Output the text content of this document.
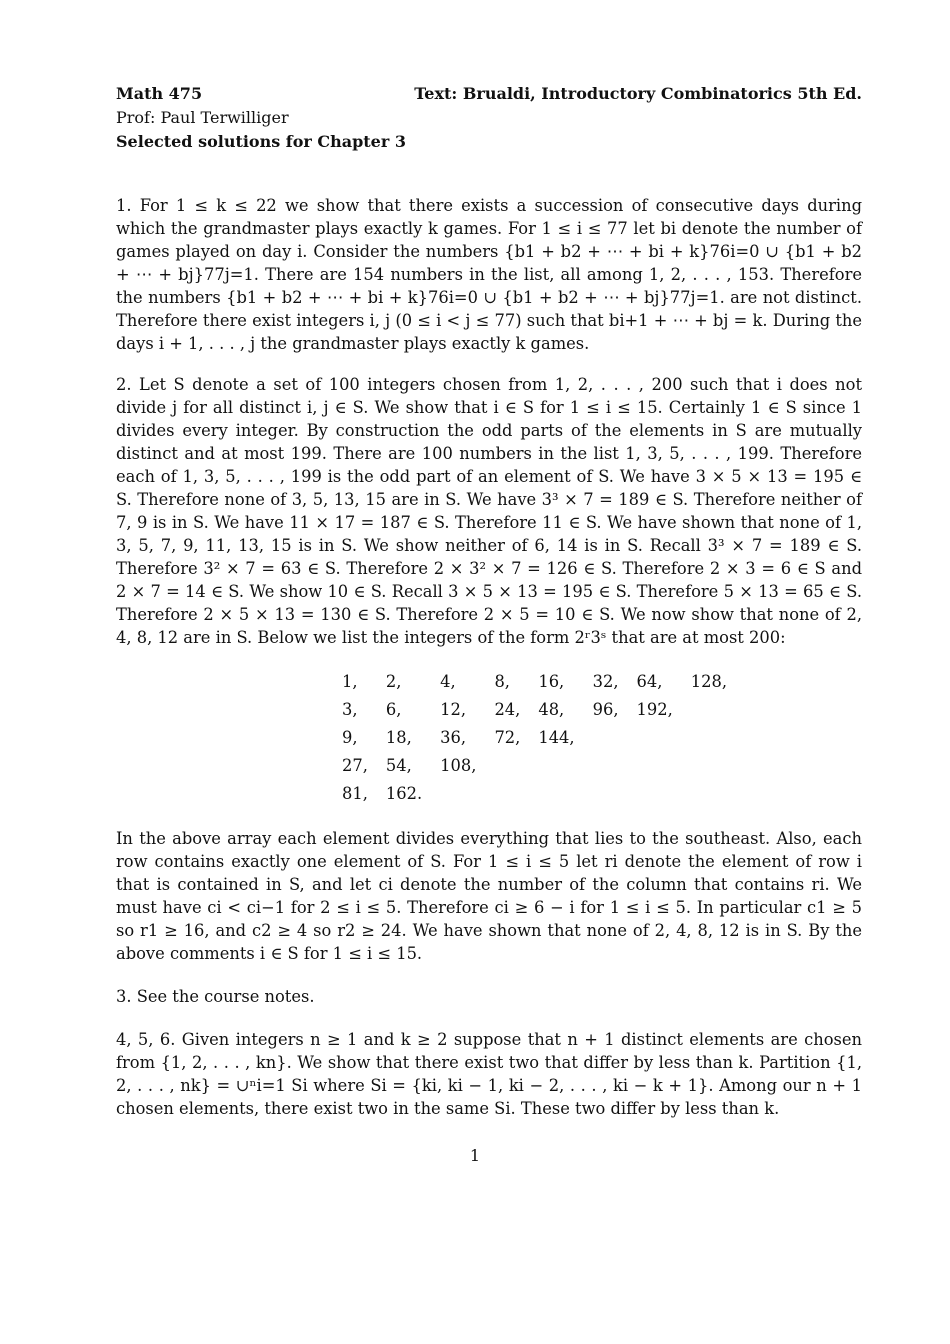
Math 475	Text: Brualdi, Introductory Combinatorics 5th Ed.
Prof: Paul Terwilliger
Selected solutions for Chapter 3

1. For 1 ≤ k ≤ 22 we show that there exists a succession of consecutive days during which the grandmaster plays exactly k games. For 1 ≤ i ≤ 77 let bi denote the number of games played on day i. Consider the numbers {b1 + b2 + ⋯ + bi + k}76i=0 ∪ {b1 + b2 + ⋯ + bj}77j=1. There are 154 numbers in the list, all among 1, 2, . . . , 153. Therefore the numbers {b1 + b2 + ⋯ + bi + k}76i=0 ∪ {b1 + b2 + ⋯ + bj}77j=1. are not distinct. Therefore there exist integers i, j (0 ≤ i < j ≤ 77) such that bi+1 + ⋯ + bj = k. During the days i + 1, . . . , j the grandmaster plays exactly k games.

2. Let S denote a set of 100 integers chosen from 1, 2, . . . , 200 such that i does not divide j for all distinct i, j ∈ S. We show that i ∈ S for 1 ≤ i ≤ 15. Certainly 1 ∈ S since 1 divides every integer. By construction the odd parts of the elements in S are mutually distinct and at most 199. There are 100 numbers in the list 1, 3, 5, . . . , 199. Therefore each of 1, 3, 5, . . . , 199 is the odd part of an element of S. We have 3 × 5 × 13 = 195 ∈ S. Therefore none of 3, 5, 13, 15 are in S. We have 3³ × 7 = 189 ∈ S. Therefore neither of 7, 9 is in S. We have 11 × 17 = 187 ∈ S. Therefore 11 ∈ S. We have shown that none of 1, 3, 5, 7, 9, 11, 13, 15 is in S. We show neither of 6, 14 is in S. Recall 3³ × 7 = 189 ∈ S. Therefore 3² × 7 = 63 ∈ S. Therefore 2 × 3² × 7 = 126 ∈ S. Therefore 2 × 3 = 6 ∈ S and 2 × 7 = 14 ∈ S. We show 10 ∈ S. Recall 3 × 5 × 13 = 195 ∈ S. Therefore 5 × 13 = 65 ∈ S. Therefore 2 × 5 × 13 = 130 ∈ S. Therefore 2 × 5 = 10 ∈ S. We now show that none of 2, 4, 8, 12 are in S. Below we list the integers of the form 2ʳ3ˢ that are at most 200:

1,	2,	4,	8,	16,	32,	64,	128,
3,	6,	12,	24,	48,	96,	192,	
9,	18,	36,	72,	144,			
27,	54,	108,					
81,	162.						

In the above array each element divides everything that lies to the southeast. Also, each row contains exactly one element of S. For 1 ≤ i ≤ 5 let ri denote the element of row i that is contained in S, and let ci denote the number of the column that contains ri. We must have ci < ci−1 for 2 ≤ i ≤ 5. Therefore ci ≥ 6 − i for 1 ≤ i ≤ 5. In particular c1 ≥ 5 so r1 ≥ 16, and c2 ≥ 4 so r2 ≥ 24. We have shown that none of 2, 4, 8, 12 is in S. By the above comments i ∈ S for 1 ≤ i ≤ 15.

3. See the course notes.

4, 5, 6. Given integers n ≥ 1 and k ≥ 2 suppose that n + 1 distinct elements are chosen from {1, 2, . . . , kn}. We show that there exist two that differ by less than k. Partition {1, 2, . . . , nk} = ∪ⁿi=1 Si where Si = {ki, ki − 1, ki − 2, . . . , ki − k + 1}. Among our n + 1 chosen elements, there exist two in the same Si. These two differ by less than k.

1
